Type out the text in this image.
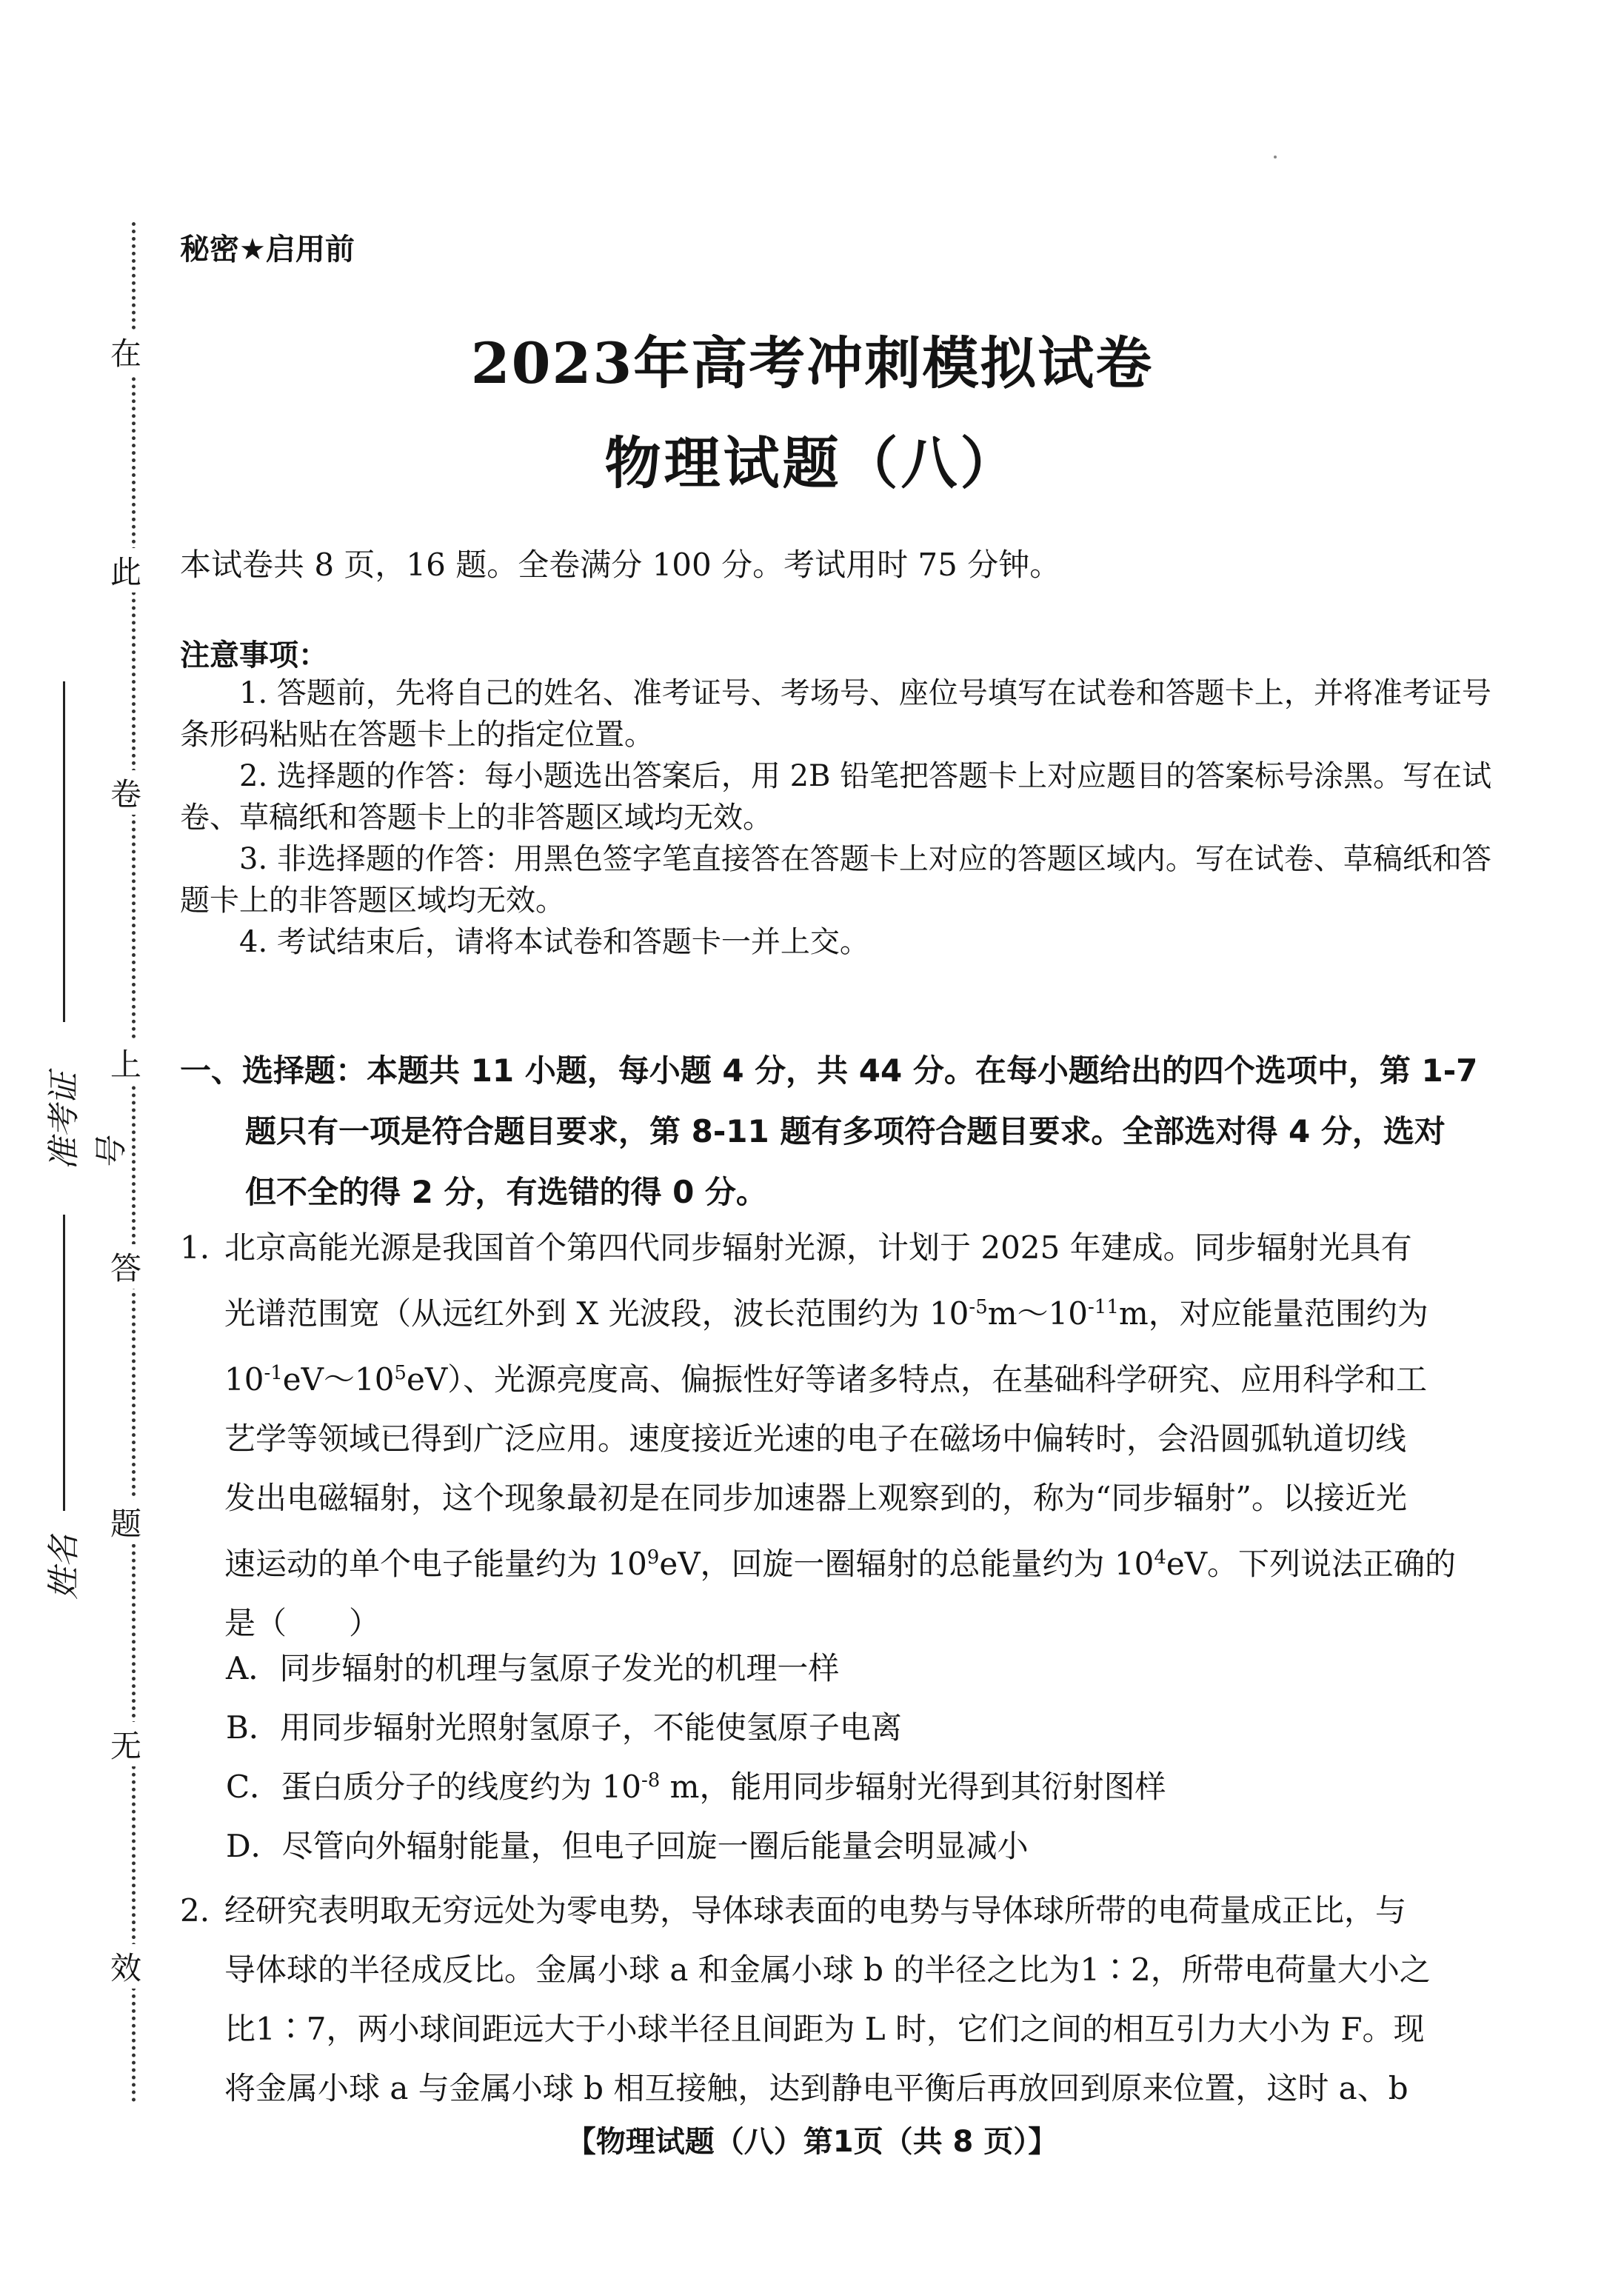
在
此
卷
上
答
题
无
效
准考证号
姓名
秘密★启用前
2023年高考冲刺模拟试卷
物理试题（八）
本试卷共 8 页，16 题。全卷满分 100 分。考试用时 75 分钟。
注意事项：

1. 答题前，先将自己的姓名、准考证号、考场号、座位号填写在试卷和答题卡上，并将准考证号条形码粘贴在答题卡上的指定位置。

2. 选择题的作答：每小题选出答案后，用 2B 铅笔把答题卡上对应题目的答案标号涂黑。写在试卷、草稿纸和答题卡上的非答题区域均无效。

3. 非选择题的作答：用黑色签字笔直接答在答题卡上对应的答题区域内。写在试卷、草稿纸和答题卡上的非答题区域均无效。

4. 考试结束后，请将本试卷和答题卡一并上交。

一、选择题：本题共 11 小题，每小题 4 分，共 44 分。在每小题给出的四个选项中，第 1-7
题只有一项是符合题目要求，第 8-11 题有多项符合题目要求。全部选对得 4 分，选对
但不全的得 2 分，有选错的得 0 分。
1. 北京高能光源是我国首个第四代同步辐射光源，计划于 2025 年建成。同步辐射光具有
光谱范围宽（从远红外到 X 光波段，波长范围约为 $10^{-5}m\sim 10^{-11}m$，对应能量范围约为
$10^{-1}eV\sim 10^5eV$）、光源亮度高、偏振性好等诸多特点，在基础科学研究、应用科学和工
艺学等领域已得到广泛应用。速度接近光速的电子在磁场中偏转时，会沿圆弧轨道切线
发出电磁辐射，这个现象最初是在同步加速器上观察到的，称为“同步辐射”。以接近光
速运动的单个电子能量约为 $10^9eV$，回旋一圈辐射的总能量约为 $10^4eV$。下列说法正确的
是（　　）
A．同步辐射的机理与氢原子发光的机理一样
B．用同步辐射光照射氢原子，不能使氢原子电离
C．蛋白质分子的线度约为 $10^{-8}$ m，能用同步辐射光得到其衍射图样
D．尽管向外辐射能量，但电子回旋一圈后能量会明显减小
2. 经研究表明取无穷远处为零电势，导体球表面的电势与导体球所带的电荷量成正比，与
导体球的半径成反比。金属小球 a 和金属小球 b 的半径之比为1∶2，所带电荷量大小之
比1∶7，两小球间距远大于小球半径且间距为 L 时，它们之间的相互引力大小为 F。现
将金属小球 a 与金属小球 b 相互接触，达到静电平衡后再放回到原来位置，这时 a、b
【物理试题（八）第1页（共 8 页）】
